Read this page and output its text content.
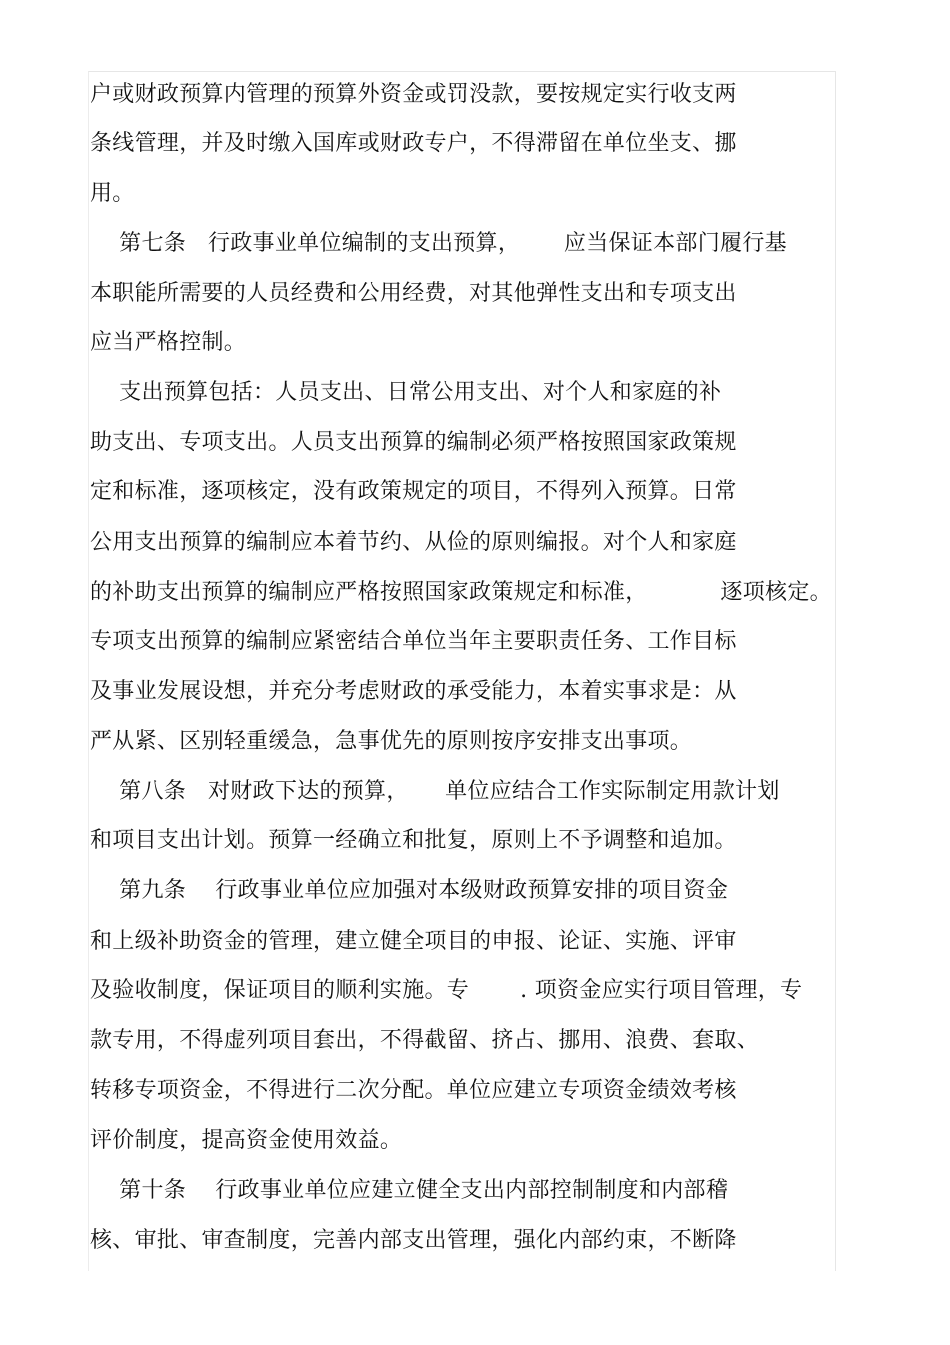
户或财政预算内管理的预算外资金或罚没款，要按规定实行收支两
条线管理，并及时缴入国库或财政专户，不得滞留在单位坐支、挪
用。
第七条   行政事业单位编制的支出预算，      应当保证本部门履行基
本职能所需要的人员经费和公用经费，对其他弹性支出和专项支出
应当严格控制。
支出预算包括：人员支出、日常公用支出、对个人和家庭的补
助支出、专项支出。人员支出预算的编制必须严格按照国家政策规
定和标准，逐项核定，没有政策规定的项目，不得列入预算。日常
公用支出预算的编制应本着节约、从俭的原则编报。对个人和家庭
的补助支出预算的编制应严格按照国家政策规定和标准，          逐项核定。
专项支出预算的编制应紧密结合单位当年主要职责任务、工作目标
及事业发展设想，并充分考虑财政的承受能力，本着实事求是：从
严从紧、区别轻重缓急，急事优先的原则按序安排支出事项。
第八条   对财政下达的预算，     单位应结合工作实际制定用款计划
和项目支出计划。预算一经确立和批复，原则上不予调整和追加。
第九条    行政事业单位应加强对本级财政预算安排的项目资金
和上级补助资金的管理，建立健全项目的申报、论证、实施、评审
及验收制度，保证项目的顺利实施。专       . 项资金应实行项目管理，专
款专用，不得虚列项目套出，不得截留、挤占、挪用、浪费、套取、
转移专项资金，不得进行二次分配。单位应建立专项资金绩效考核
评价制度，提高资金使用效益。
第十条    行政事业单位应建立健全支出内部控制制度和内部稽
核、审批、审查制度，完善内部支出管理，强化内部约束，不断降
